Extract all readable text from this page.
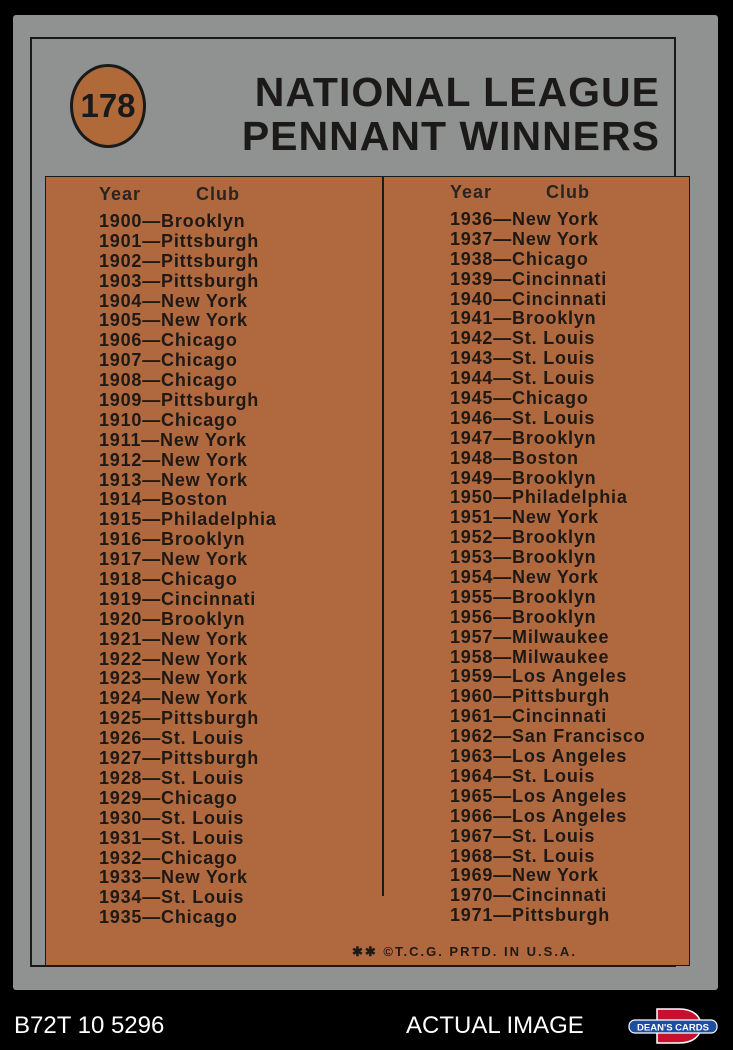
178	NATIONAL LEAGUE
PENNANT WINNERS
Year	Club	Year	Club
1900—Brooklyn
1901—Pittsburgh
1902—Pittsburgh
1903—Pittsburgh
1904—New York
1905—New York
1906—Chicago
1907—Chicago
1908—Chicago
1909—Pittsburgh
1910—Chicago
1911—New York
1912—New York
1913—New York
1914—Boston
1915—Philadelphia
1916—Brooklyn
1917—New York
1918—Chicago
1919—Cincinnati
1920—Brooklyn
1921—New York
1922—New York
1923—New York
1924—New York
1925—Pittsburgh
1926—St. Louis
1927—Pittsburgh
1928—St. Louis
1929—Chicago
1930—St. Louis
1931—St. Louis
1932—Chicago
1933—New York
1934—St. Louis
1935—Chicago
1936—New York
1937—New York
1938—Chicago
1939—Cincinnati
1940—Cincinnati
1941—Brooklyn
1942—St. Louis
1943—St. Louis
1944—St. Louis
1945—Chicago
1946—St. Louis
1947—Brooklyn
1948—Boston
1949—Brooklyn
1950—Philadelphia
1951—New York
1952—Brooklyn
1953—Brooklyn
1954—New York
1955—Brooklyn
1956—Brooklyn
1957—Milwaukee
1958—Milwaukee
1959—Los Angeles
1960—Pittsburgh
1961—Cincinnati
1962—San Francisco
1963—Los Angeles
1964—St. Louis
1965—Los Angeles
1966—Los Angeles
1967—St. Louis
1968—St. Louis
1969—New York
1970—Cincinnati
1971—Pittsburgh
✱✱ ©T.C.G. PRTD. IN U.S.A.
B72T 10 5296	ACTUAL IMAGE	DEAN'S CARDS
